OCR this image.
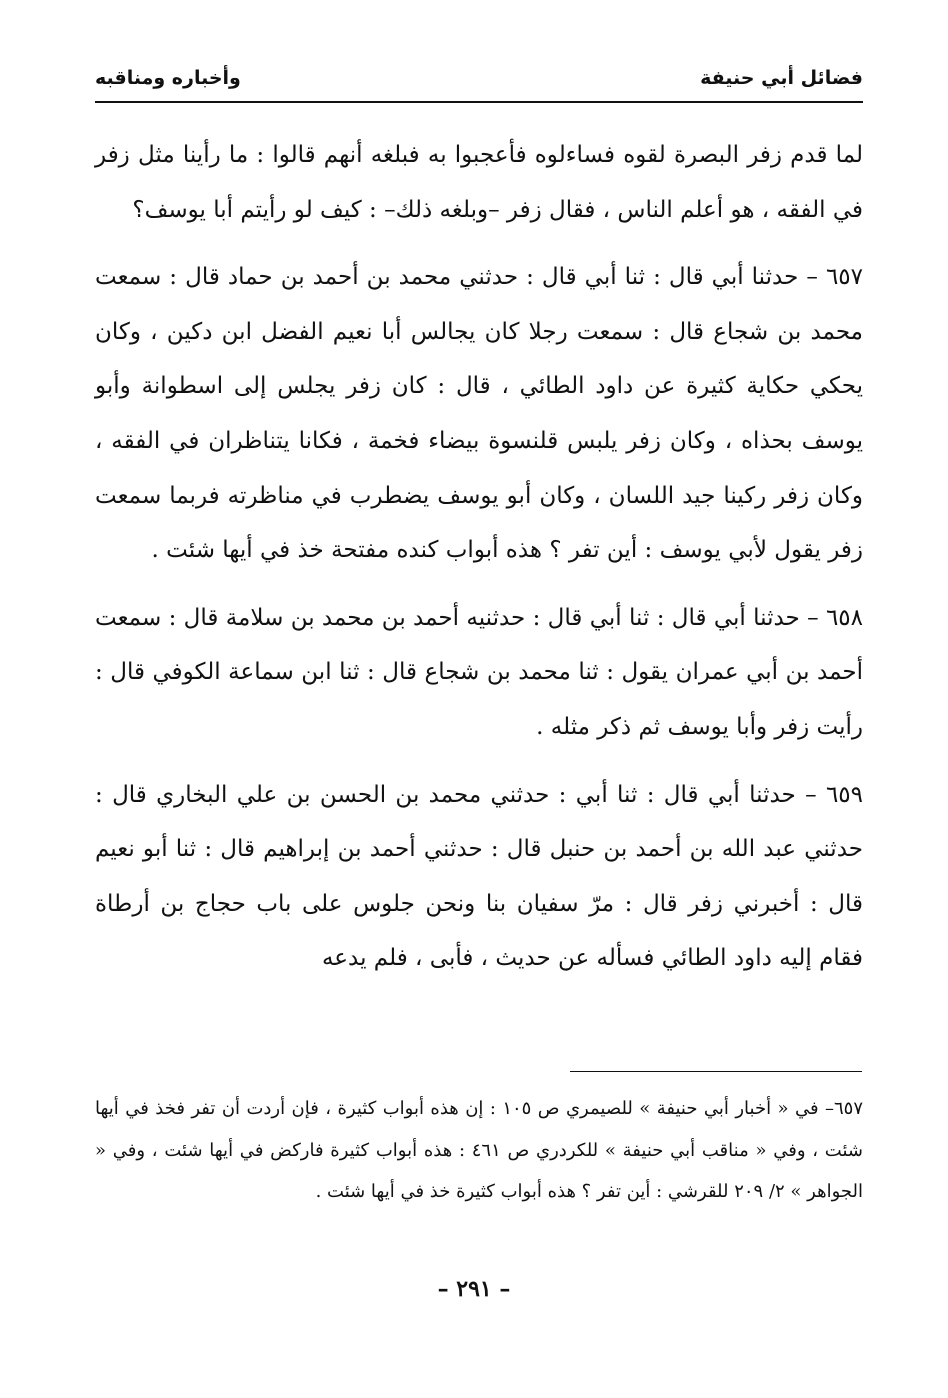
فضائل أبي حنيفة
وأخباره ومناقبه

لما قدم زفر البصرة لقوه فساءلوه فأعجبوا به فبلغه أنهم قالوا : ما رأينا مثل زفر في الفقه ، هو أعلم الناس ، فقال زفر –وبلغه ذلك– : كيف لو رأيتم أبا يوسف؟

٦٥٧ – حدثنا أبي قال : ثنا أبي قال : حدثني محمد بن أحمد بن حماد قال : سمعت محمد بن شجاع قال : سمعت رجلا كان يجالس أبا نعيم الفضل ابن دكين ، وكان يحكي حكاية كثيرة عن داود الطائي ، قال : كان زفر يجلس إلى اسطوانة وأبو يوسف بحذاه ، وكان زفر يلبس قلنسوة بيضاء فخمة ، فكانا يتناظران في الفقه ، وكان زفر ركينا جيد اللسان ، وكان أبو يوسف يضطرب في مناظرته فربما سمعت زفر يقول لأبي يوسف : أين تفر ؟ هذه أبواب كنده مفتحة خذ في أيها شئت .

٦٥٨ – حدثنا أبي قال : ثنا أبي قال : حدثنيه أحمد بن محمد بن سلامة قال : سمعت أحمد بن أبي عمران يقول : ثنا محمد بن شجاع قال : ثنا ابن سماعة الكوفي قال : رأيت زفر وأبا يوسف ثم ذكر مثله .

٦٥٩ – حدثنا أبي قال : ثنا أبي : حدثني محمد بن الحسن بن علي البخاري قال : حدثني عبد الله بن أحمد بن حنبل قال : حدثني أحمد بن إبراهيم قال : ثنا أبو نعيم قال : أخبرني زفر قال : مرّ سفيان بنا ونحن جلوس على باب حجاج بن أرطاة فقام إليه داود الطائي فسأله عن حديث ، فأبى ، فلم يدعه

٦٥٧– في « أخبار أبي حنيفة » للصيمري ص ١٠٥ : إن هذه أبواب كثيرة ، فإن أردت أن تفر فخذ في أيها شئت ، وفي « مناقب أبي حنيفة » للكردري ص ٤٦١ : هذه أبواب كثيرة فاركض في أيها شئت ، وفي « الجواهر » ٢/ ٢٠٩ للقرشي : أين تفر ؟ هذه أبواب كثيرة خذ في أيها شئت .

– ٢٩١ –
